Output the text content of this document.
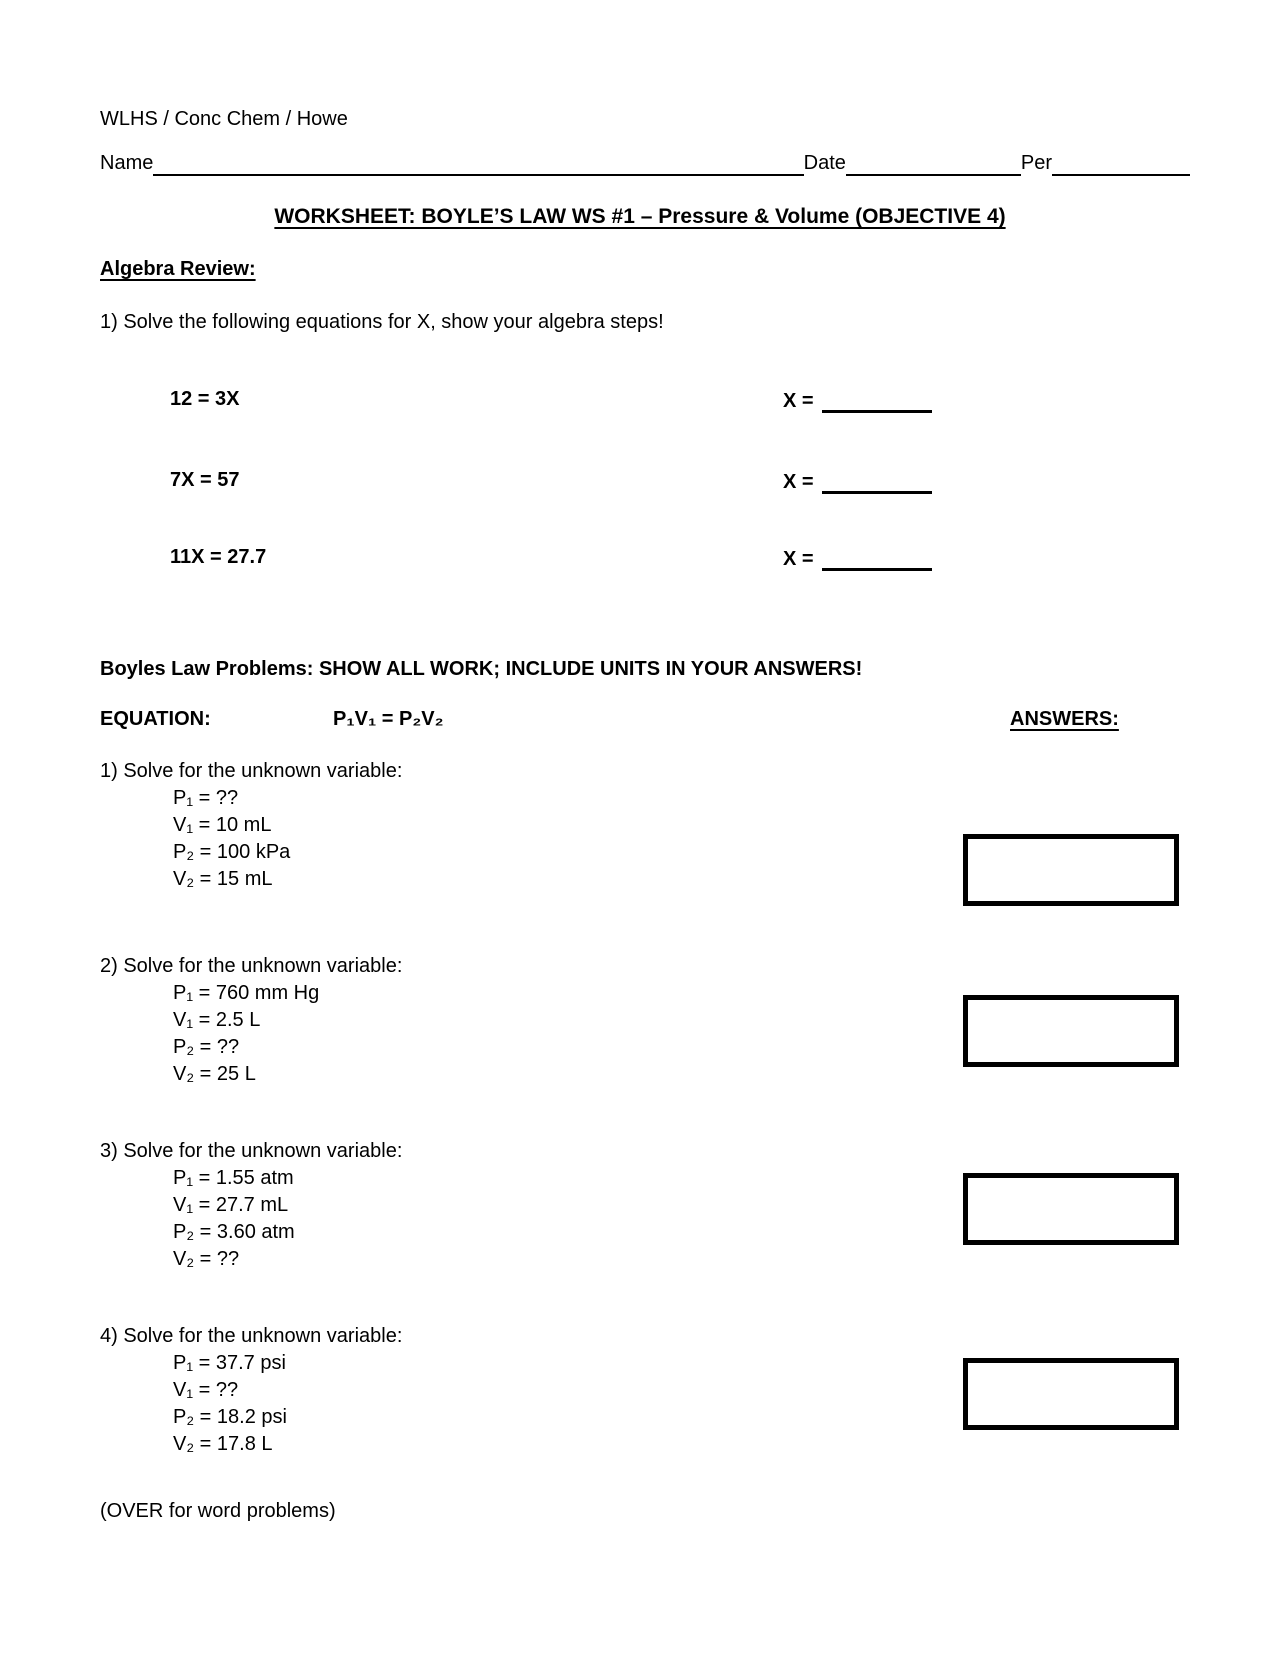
WLHS / Conc Chem / Howe
Name	Date	Per
WORKSHEET: BOYLE’S LAW WS #1 – Pressure & Volume (OBJECTIVE 4)
Algebra Review:
1) Solve the following equations for X, show your algebra steps!
12 = 3X	X =
7X = 57	X =
11X = 27.7	X =
Boyles Law Problems: SHOW ALL WORK; INCLUDE UNITS IN YOUR ANSWERS!
EQUATION:	P₁V₁ = P₂V₂	ANSWERS:
1) Solve for the unknown variable:
P₁ = ??
V₁ = 10 mL
P₂ = 100 kPa
V₂ = 15 mL
2) Solve for the unknown variable:
P₁ = 760 mm Hg
V₁ = 2.5 L
P₂ = ??
V₂ = 25 L
3) Solve for the unknown variable:
P₁ = 1.55 atm
V₁ = 27.7 mL
P₂ = 3.60 atm
V₂ = ??
4) Solve for the unknown variable:
P₁ = 37.7 psi
V₁ = ??
P₂ = 18.2 psi
V₂ = 17.8 L
(OVER for word problems)
